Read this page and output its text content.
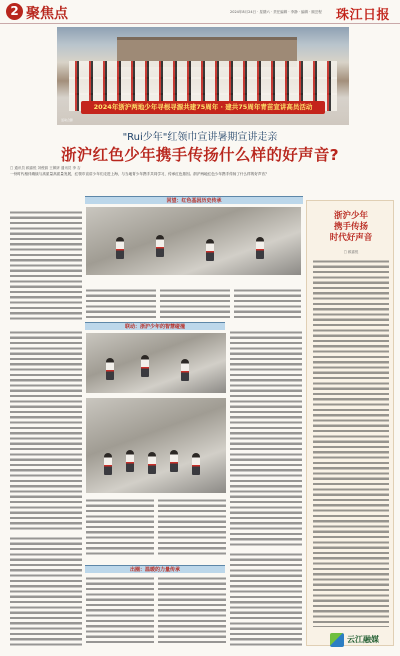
2 聚焦点	2024年8月24日 · 星期六 · 责任编辑 · 李静 · 编辑 · 顾芸程 珠江日报
2024年浙沪两地少年寻根寻源共建75周年 · 建共75周年青苗宣讲高员活动
活动合影
"Rui少年"红领巾宣讲暑期宣讲走亲
浙沪红色少年携手传扬什么样的好声音?
□ 通讯员 顾嘉悦 刘俊源 王佩妍 通讯员 李 吉
一份时代相伴赓续与高质量高质量发展，红领巾宣讲少年们走进上海，与当地青少年携手共同学习，传承红色基因。浙沪两地红色少年携手传扬了什么样的好声音？
回望：红色基因历史传承
联动：浙沪少年的智慧碰撞
出圈：温暖的力量传承
浙沪少年
携手传扬
时代好声音
□ 顾嘉悦
云江融媒
